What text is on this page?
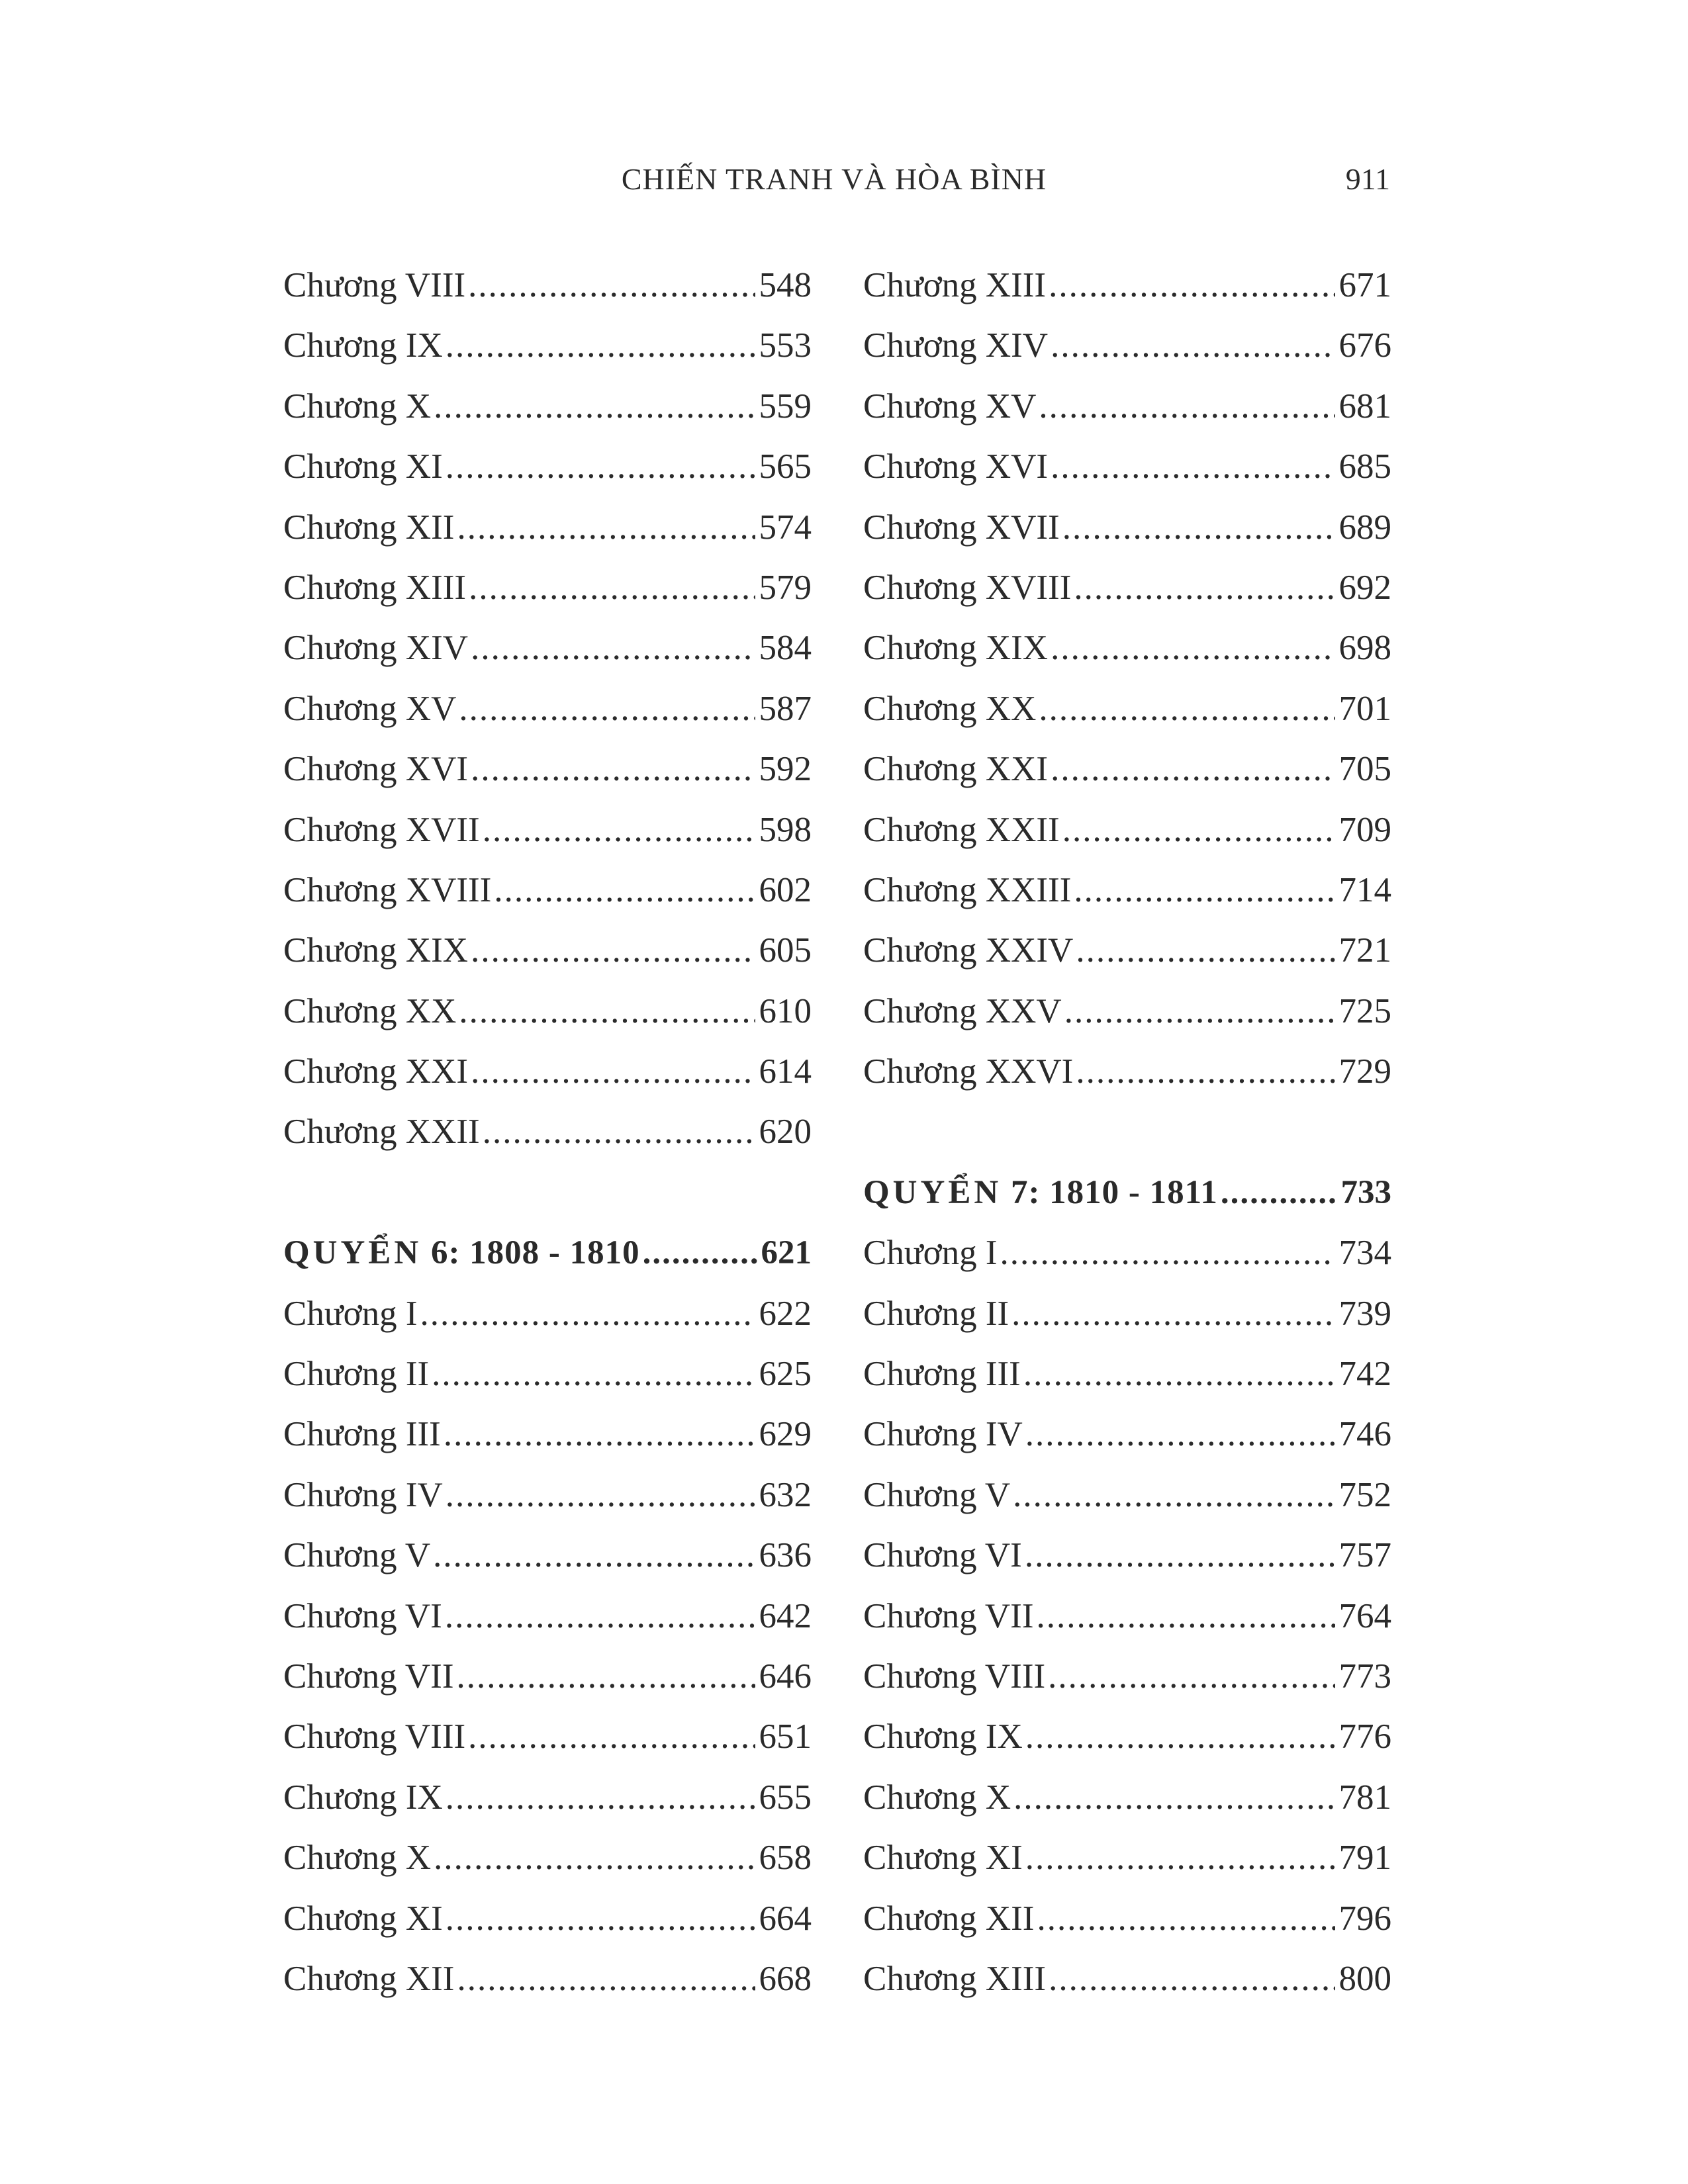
CHIẾN TRANH VÀ HÒA BÌNH	911
Chương VIII .....	548
Chương IX .....	553
Chương X .....	559
Chương XI .....	565
Chương XII .....	574
Chương XIII .....	579
Chương XIV .....	584
Chương XV .....	587
Chương XVI .....	592
Chương XVII .....	598
Chương XVIII .....	602
Chương XIX .....	605
Chương XX .....	610
Chương XXI .....	614
Chương XXII .....	620
QUYỂN 6: 1808 - 1810 .....	621
Chương I .....	622
Chương II .....	625
Chương III .....	629
Chương IV .....	632
Chương V .....	636
Chương VI .....	642
Chương VII .....	646
Chương VIII .....	651
Chương IX .....	655
Chương X .....	658
Chương XI .....	664
Chương XII .....	668
Chương XIII .....	671
Chương XIV .....	676
Chương XV .....	681
Chương XVI .....	685
Chương XVII .....	689
Chương XVIII .....	692
Chương XIX .....	698
Chương XX .....	701
Chương XXI .....	705
Chương XXII .....	709
Chương XXIII .....	714
Chương XXIV .....	721
Chương XXV .....	725
Chương XXVI .....	729
QUYỂN 7: 1810 - 1811 .....	733
Chương I .....	734
Chương II .....	739
Chương III .....	742
Chương IV .....	746
Chương V .....	752
Chương VI .....	757
Chương VII .....	764
Chương VIII .....	773
Chương IX .....	776
Chương X .....	781
Chương XI .....	791
Chương XII .....	796
Chương XIII .....	800
